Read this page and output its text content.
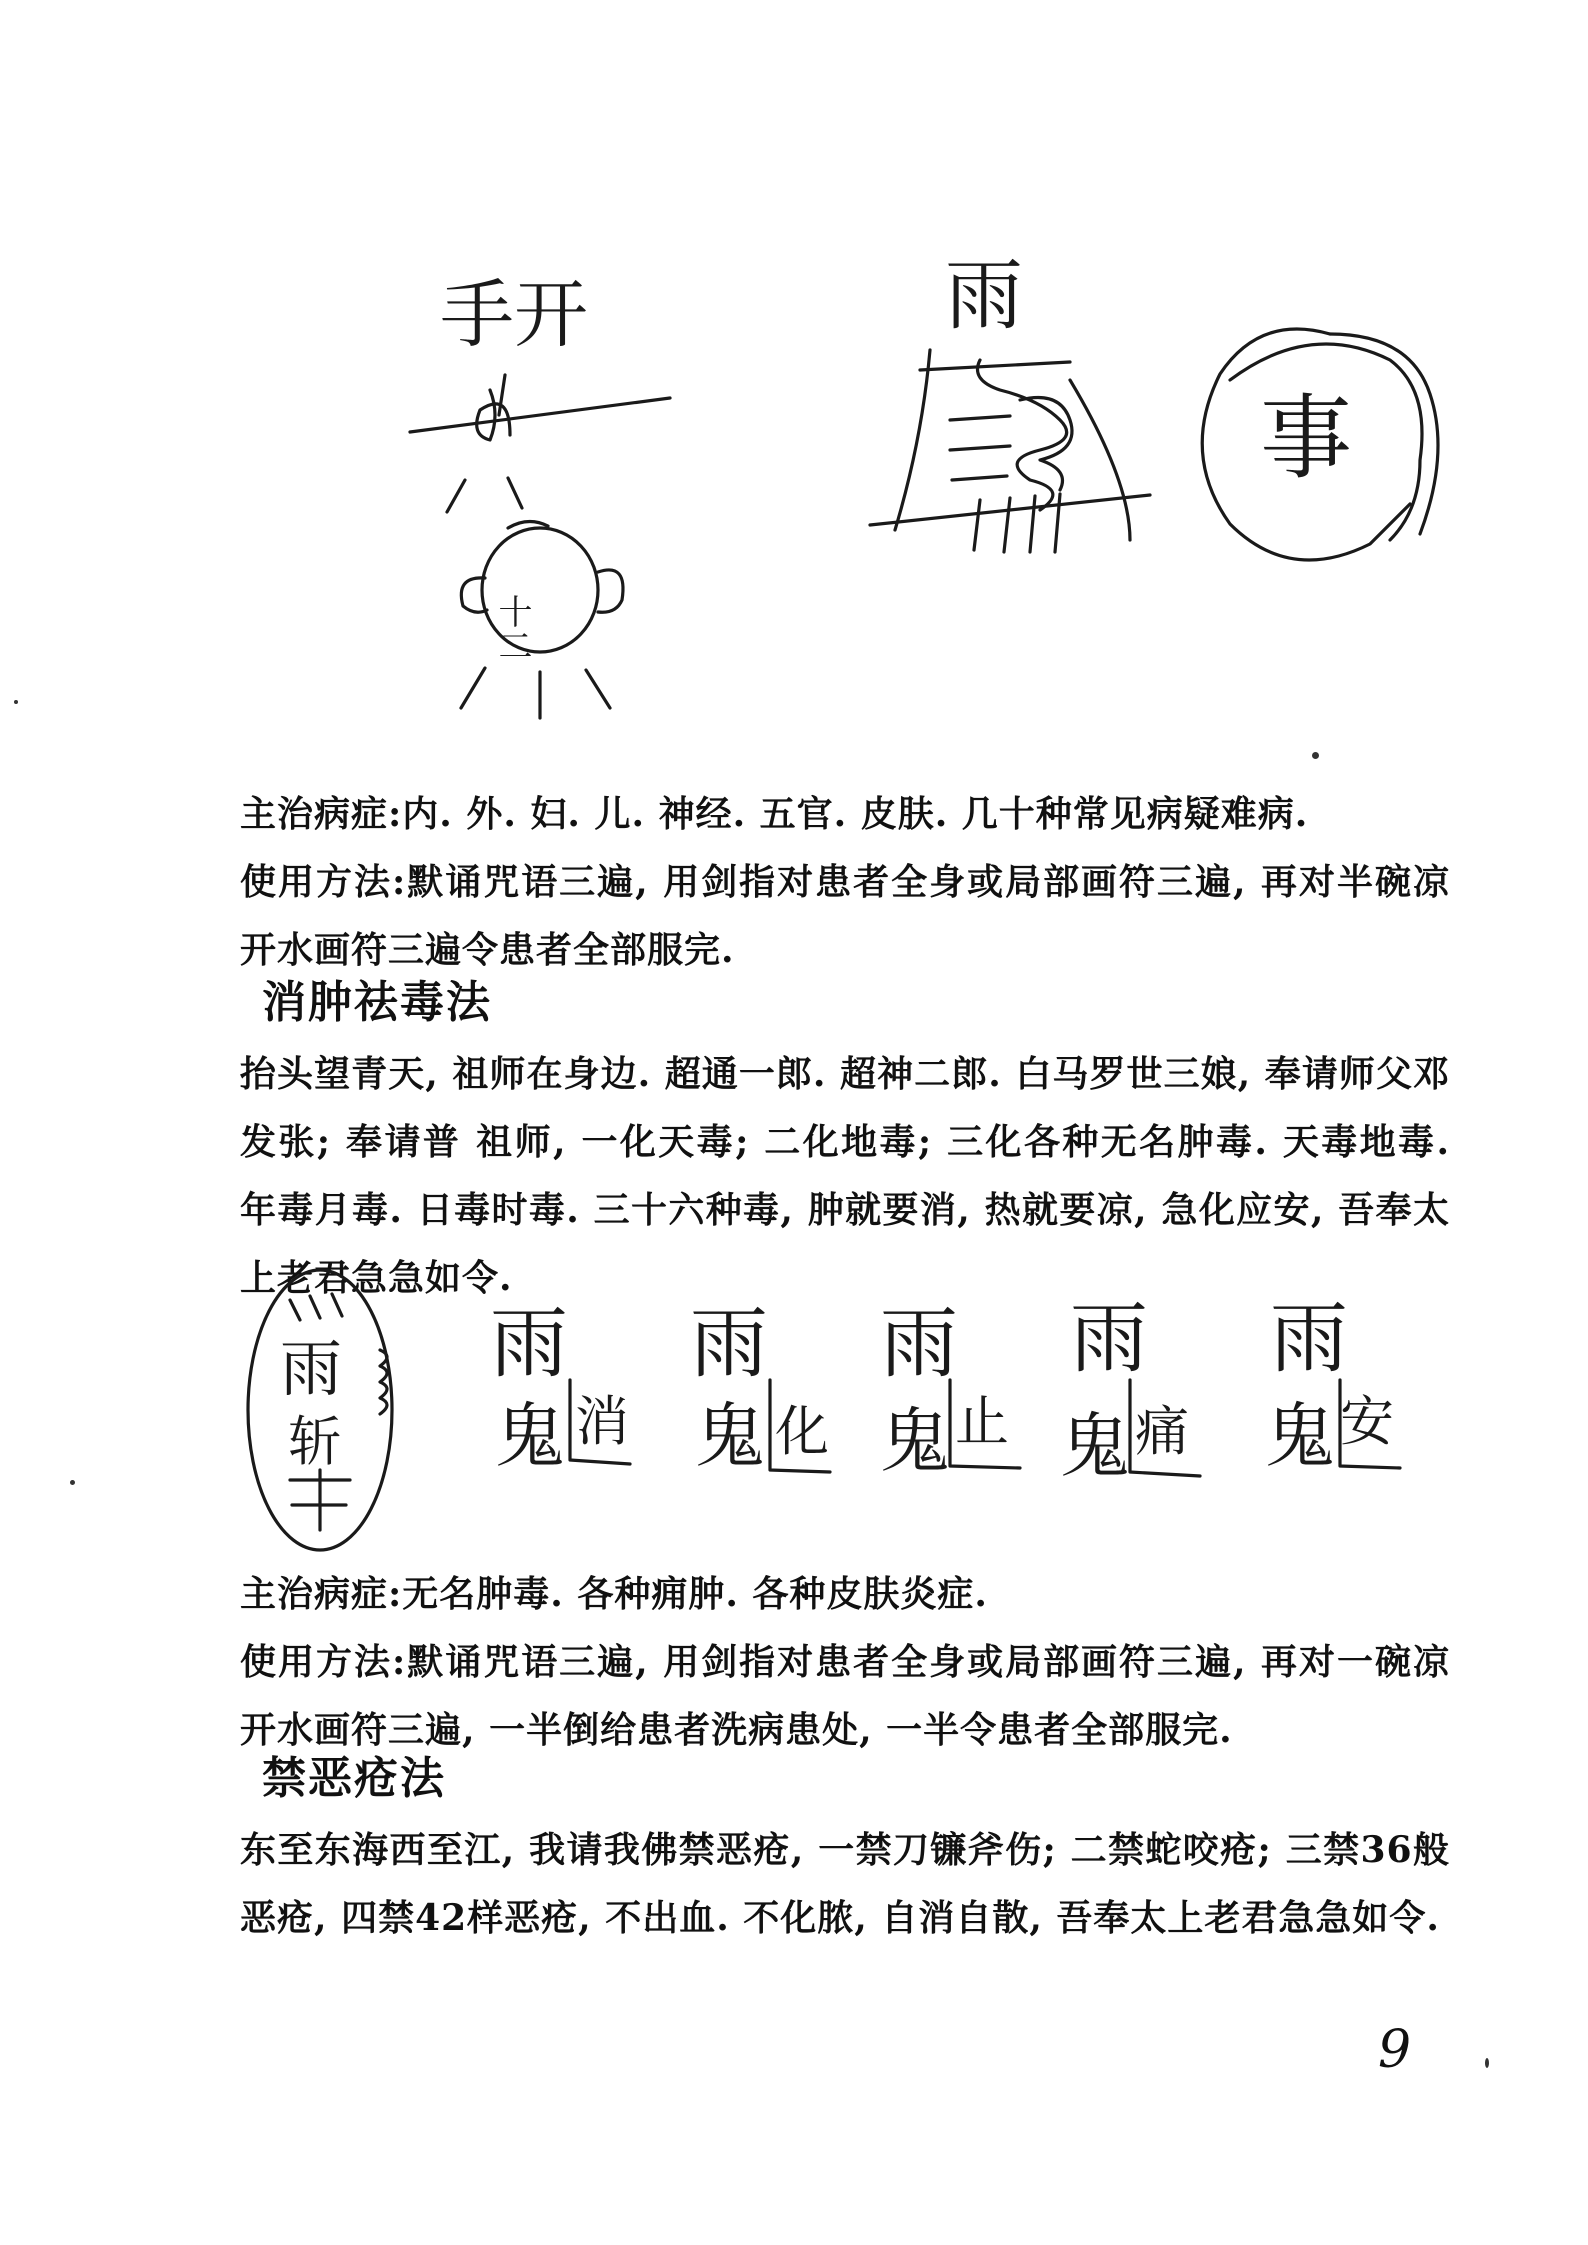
手开
十二
雨
事

主治病症:内. 外. 妇. 儿. 神经. 五官. 皮肤. 几十种常见病疑难病.

使用方法:默诵咒语三遍, 用剑指对患者全身或局部画符三遍, 再对半碗凉开水画符三遍令患者全部服完.

消肿祛毒法

抬头望青天, 祖师在身边. 超通一郎. 超神二郎. 白马罗世三娘, 奉请师父邓发张; 奉请普 祖师, 一化天毒; 二化地毒; 三化各种无名肿毒. 天毒地毒. 年毒月毒. 日毒时毒. 三十六种毒, 肿就要消, 热就要凉, 急化应安, 吾奉太上老君急急如令.

雨
斩
雨
鬼 消
雨
鬼 化
雨
鬼 止
雨
鬼 痛
雨
鬼 安

主治病症:无名肿毒. 各种痈肿. 各种皮肤炎症.

使用方法:默诵咒语三遍, 用剑指对患者全身或局部画符三遍, 再对一碗凉开水画符三遍, 一半倒给患者洗病患处, 一半令患者全部服完.

禁恶疮法

东至东海西至江, 我请我佛禁恶疮, 一禁刀镰斧伤; 二禁蛇咬疮; 三禁36般恶疮, 四禁42样恶疮, 不出血. 不化脓, 自消自散, 吾奉太上老君急急如令.

9
